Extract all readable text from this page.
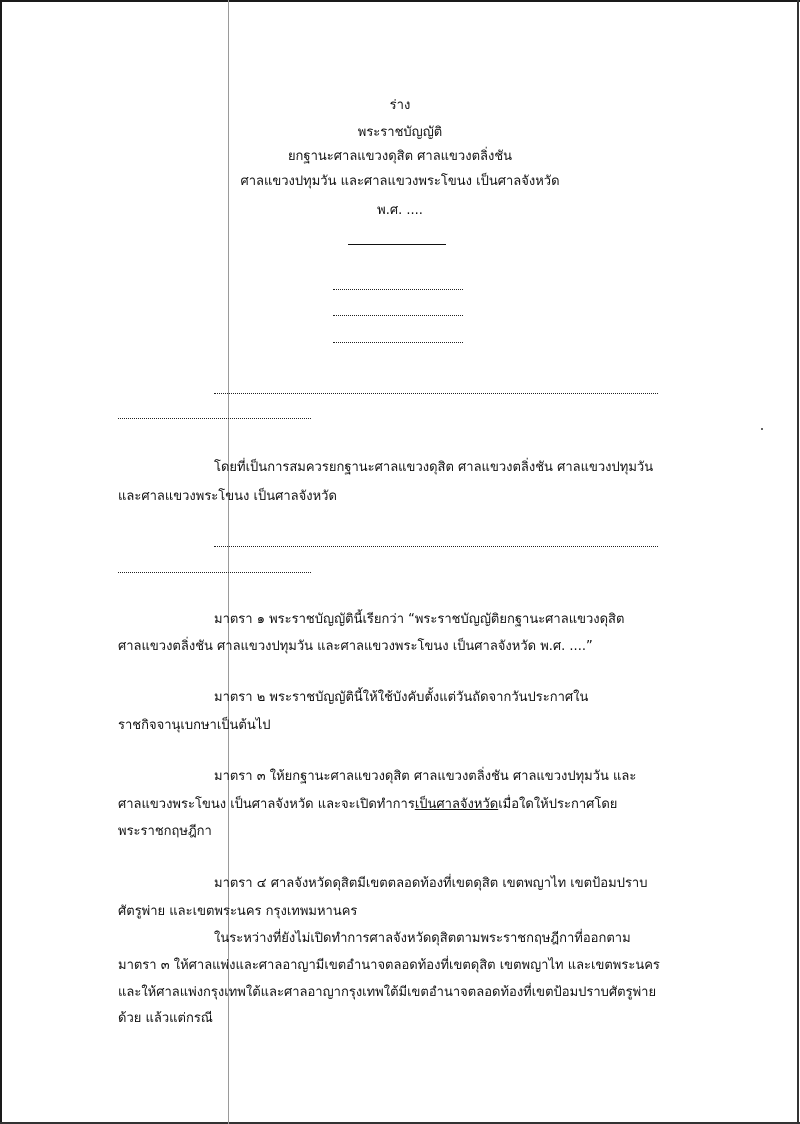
ร่าง
พระราชบัญญัติ
ยกฐานะศาลแขวงดุสิต ศาลแขวงตลิ่งชัน
ศาลแขวงปทุมวัน และศาลแขวงพระโขนง เป็นศาลจังหวัด
พ.ศ. ....
โดยที่เป็นการสมควรยกฐานะศาลแขวงดุสิต ศาลแขวงตลิ่งชัน ศาลแขวงปทุมวัน
และศาลแขวงพระโขนง เป็นศาลจังหวัด
มาตรา ๑ พระราชบัญญัตินี้เรียกว่า “พระราชบัญญัติยกฐานะศาลแขวงดุสิต
ศาลแขวงตลิ่งชัน ศาลแขวงปทุมวัน และศาลแขวงพระโขนง เป็นศาลจังหวัด พ.ศ. ....”
มาตรา ๒ พระราชบัญญัตินี้ให้ใช้บังคับตั้งแต่วันถัดจากวันประกาศใน
ราชกิจจานุเบกษาเป็นต้นไป
มาตรา ๓ ให้ยกฐานะศาลแขวงดุสิต ศาลแขวงตลิ่งชัน ศาลแขวงปทุมวัน และ
ศาลแขวงพระโขนง เป็นศาลจังหวัด และจะเปิดทำการเป็นศาลจังหวัดเมื่อใดให้ประกาศโดย
พระราชกฤษฎีกา
มาตรา ๔ ศาลจังหวัดดุสิตมีเขตตลอดท้องที่เขตดุสิต เขตพญาไท เขตป้อมปราบ
ศัตรูพ่าย และเขตพระนคร กรุงเทพมหานคร
ในระหว่างที่ยังไม่เปิดทำการศาลจังหวัดดุสิตตามพระราชกฤษฎีกาที่ออกตาม
มาตรา ๓ ให้ศาลแพ่งและศาลอาญามีเขตอำนาจตลอดท้องที่เขตดุสิต เขตพญาไท และเขตพระนคร
และให้ศาลแพ่งกรุงเทพใต้และศาลอาญากรุงเทพใต้มีเขตอำนาจตลอดท้องที่เขตป้อมปราบศัตรูพ่าย
ด้วย แล้วแต่กรณี
